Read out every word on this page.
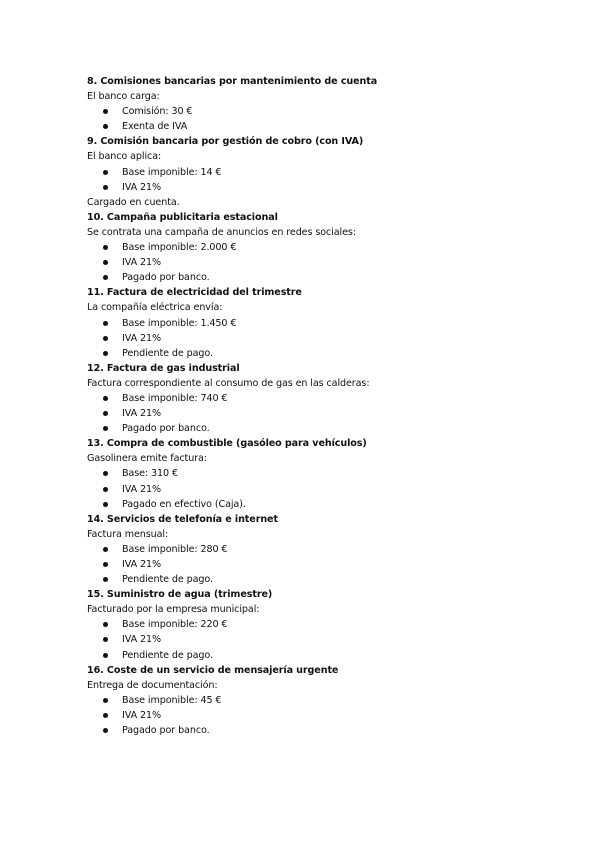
8. Comisiones bancarias por mantenimiento de cuenta
El banco carga:
Comisión: 30 €
Exenta de IVA
9. Comisión bancaria por gestión de cobro (con IVA)
El banco aplica:
Base imponible: 14 €
IVA 21%
Cargado en cuenta.
10. Campaña publicitaria estacional
Se contrata una campaña de anuncios en redes sociales:
Base imponible: 2.000 €
IVA 21%
Pagado por banco.
11. Factura de electricidad del trimestre
La compañía eléctrica envía:
Base imponible: 1.450 €
IVA 21%
Pendiente de pago.
12. Factura de gas industrial
Factura correspondiente al consumo de gas en las calderas:
Base imponible: 740 €
IVA 21%
Pagado por banco.
13. Compra de combustible (gasóleo para vehículos)
Gasolinera emite factura:
Base: 310 €
IVA 21%
Pagado en efectivo (Caja).
14. Servicios de telefonía e internet
Factura mensual:
Base imponible: 280 €
IVA 21%
Pendiente de pago.
15. Suministro de agua (trimestre)
Facturado por la empresa municipal:
Base imponible: 220 €
IVA 21%
Pendiente de pago.
16. Coste de un servicio de mensajería urgente
Entrega de documentación:
Base imponible: 45 €
IVA 21%
Pagado por banco.
